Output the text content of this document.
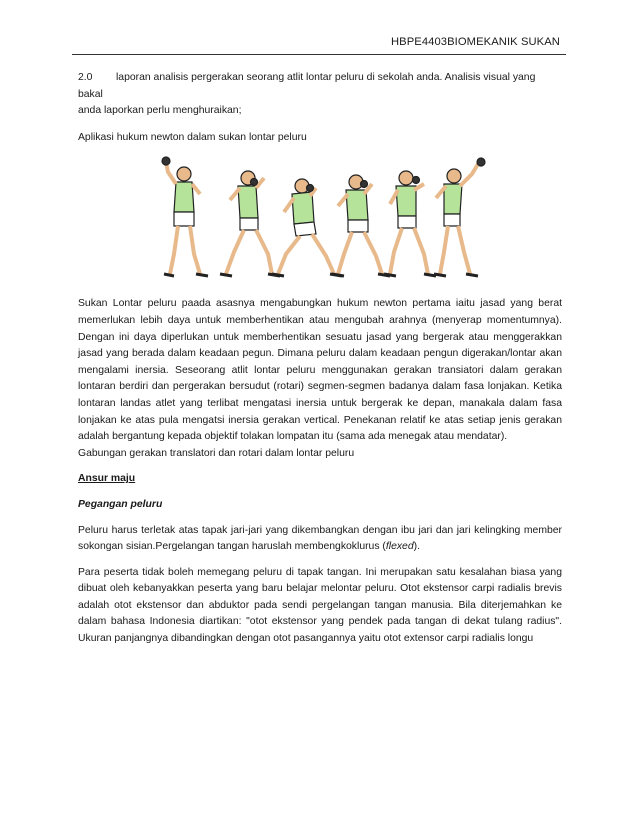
HBPE4403BIOMEKANIK SUKAN

2.0 laporan analisis pergerakan seorang atlit lontar peluru di sekolah anda. Analisis visual yang bakal
anda laporkan perlu menghuraikan;

Aplikasi hukum newton dalam sukan lontar peluru

Sukan Lontar peluru paada asasnya mengabungkan hukum newton pertama iaitu jasad yang berat memerlukan lebih daya untuk memberhentikan atau mengubah arahnya (menyerap momentumnya). Dengan ini daya diperlukan untuk memberhentikan sesuatu jasad yang bergerak atau menggerakkan jasad yang berada dalam keadaan pegun. Dimana peluru dalam keadaan pengun digerakan/lontar akan mengalami inersia. Seseorang atlit lontar peluru menggunakan gerakan transiatori dalam gerakan lontaran berdiri dan pergerakan bersudut (rotari) segmen-segmen badanya dalam fasa lonjakan. Ketika lontaran landas atlet yang terlibat mengatasi inersia untuk bergerak ke depan, manakala dalam fasa lonjakan ke atas pula mengatsi inersia gerakan vertical. Penekanan relatif ke atas setiap jenis gerakan adalah bergantung kepada objektif tolakan lompatan itu (sama ada menegak atau mendatar).

Gabungan gerakan translatori dan rotari dalam lontar peluru

Ansur maju

Pegangan peluru

Peluru harus terletak atas tapak jari-jari yang dikembangkan dengan ibu jari dan jari kelingking member sokongan sisian.Pergelangan tangan haruslah membengkoklurus (flexed).

Para peserta tidak boleh memegang peluru di tapak tangan. Ini merupakan satu kesalahan biasa yang dibuat oleh kebanyakkan peserta yang baru belajar melontar peluru. Otot ekstensor carpi radialis brevis adalah otot ekstensor dan abduktor pada sendi pergelangan tangan manusia. Bila diterjemahkan ke dalam bahasa Indonesia diartikan: "otot ekstensor yang pendek pada tangan di dekat tulang radius". Ukuran panjangnya dibandingkan dengan otot pasangannya yaitu otot extensor carpi radialis longu
